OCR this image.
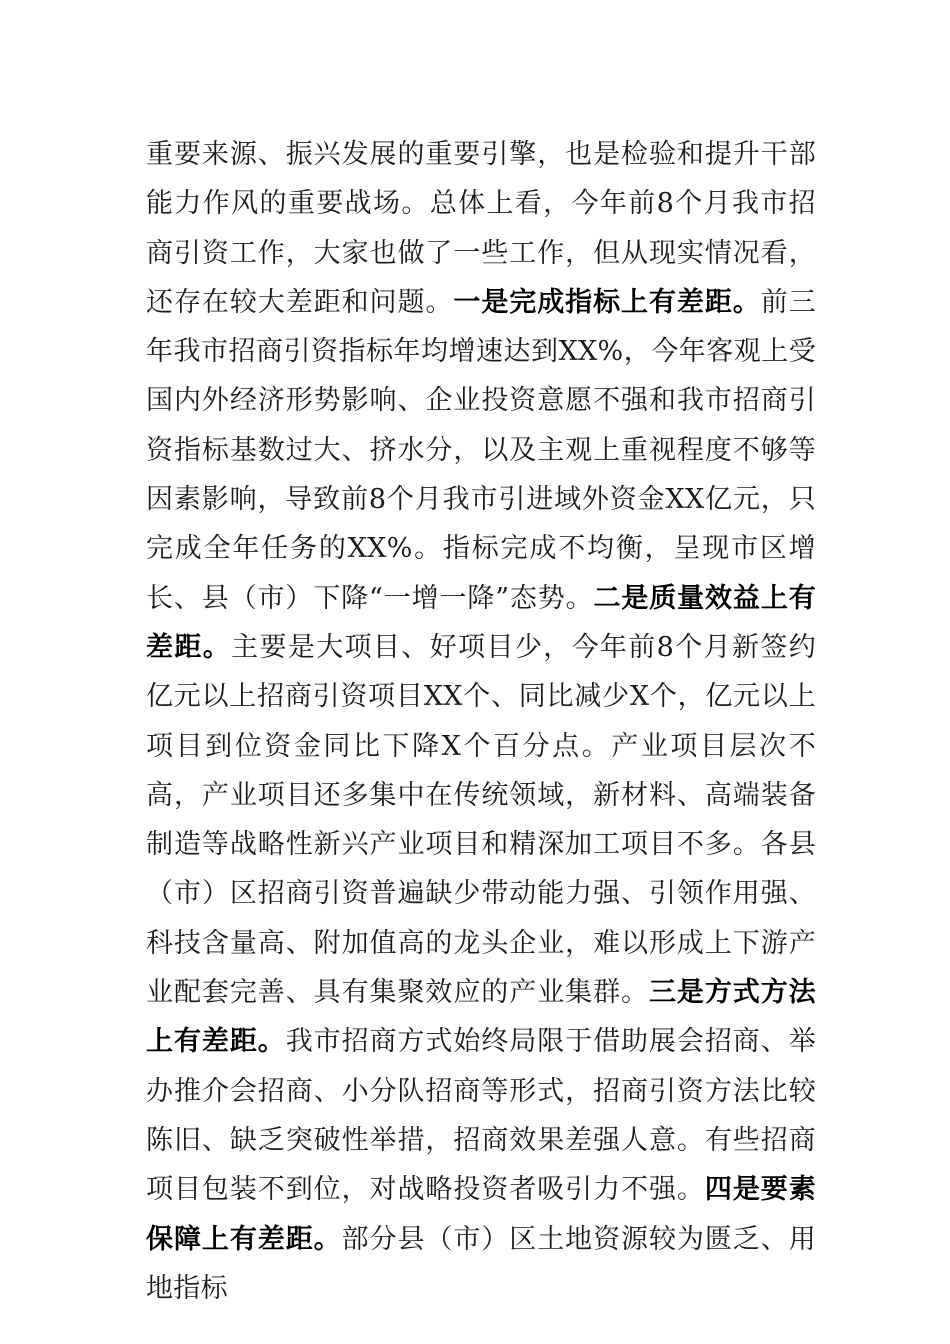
重要来源、振兴发展的重要引擎，也是检验和提升干部能力作风的重要战场。总体上看，今年前8个月我市招商引资工作，大家也做了一些工作，但从现实情况看，还存在较大差距和问题。一是完成指标上有差距。前三年我市招商引资指标年均增速达到XX%，今年客观上受国内外经济形势影响、企业投资意愿不强和我市招商引资指标基数过大、挤水分，以及主观上重视程度不够等因素影响，导致前8个月我市引进域外资金XX亿元，只完成全年任务的XX%。指标完成不均衡，呈现市区增长、县（市）下降“一增一降”态势。二是质量效益上有差距。主要是大项目、好项目少，今年前8个月新签约亿元以上招商引资项目XX个、同比减少X个，亿元以上项目到位资金同比下降X个百分点。产业项目层次不高，产业项目还多集中在传统领域，新材料、高端装备制造等战略性新兴产业项目和精深加工项目不多。各县（市）区招商引资普遍缺少带动能力强、引领作用强、科技含量高、附加值高的龙头企业，难以形成上下游产业配套完善、具有集聚效应的产业集群。三是方式方法上有差距。我市招商方式始终局限于借助展会招商、举办推介会招商、小分队招商等形式，招商引资方法比较陈旧、缺乏突破性举措，招商效果差强人意。有些招商项目包装不到位，对战略投资者吸引力不强。四是要素保障上有差距。部分县（市）区土地资源较为匮乏、用地指标
